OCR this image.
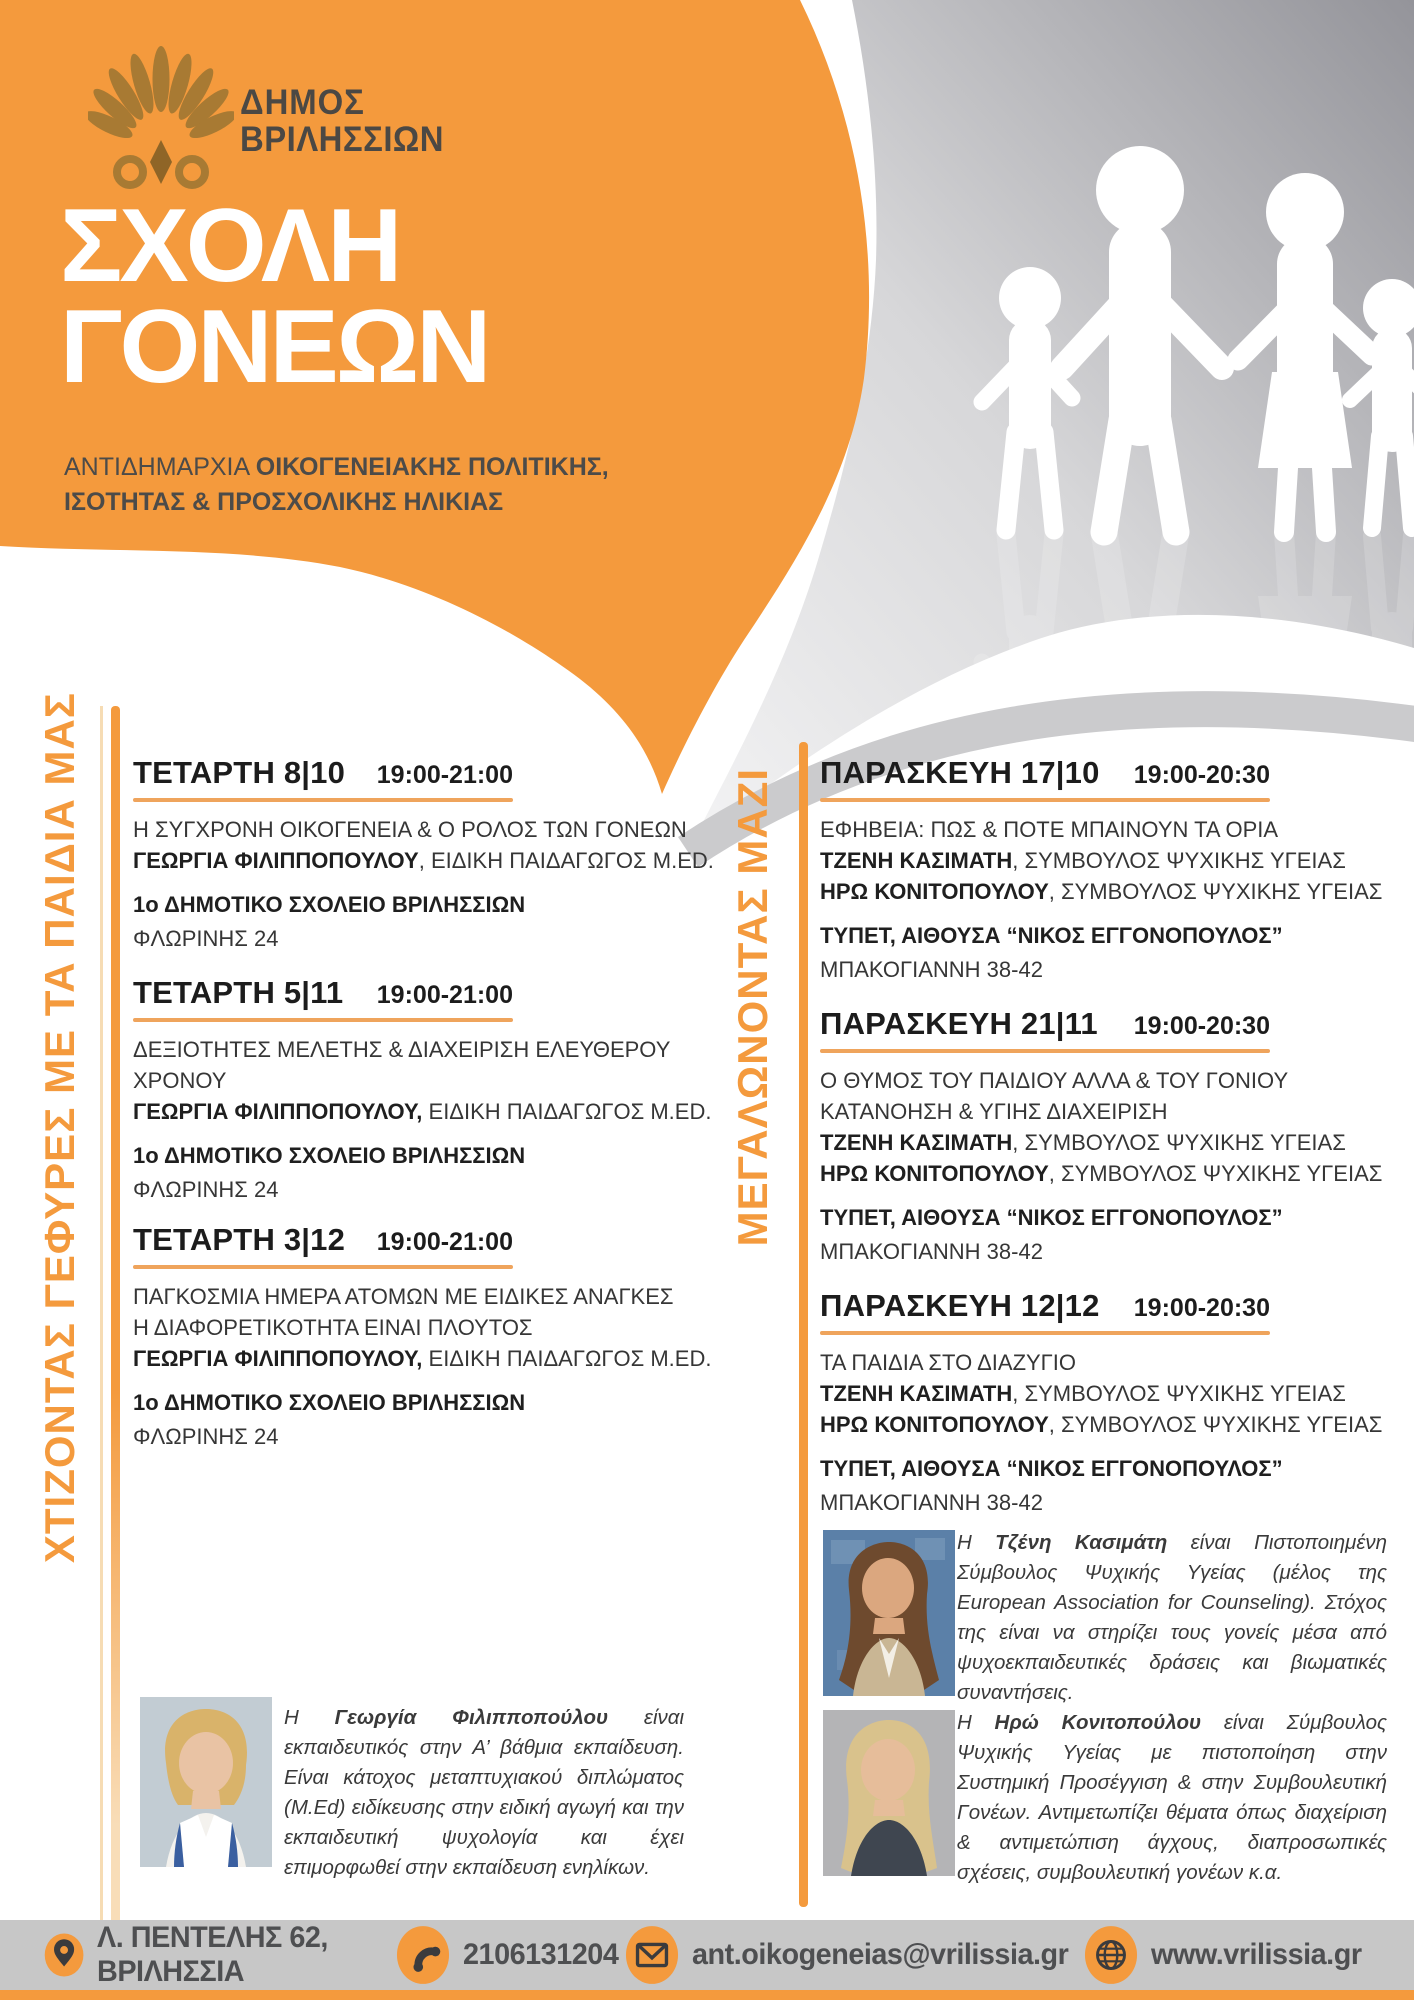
ΔΗΜΟΣ
ΒΡΙΛΗΣΣΙΩΝ
ΣΧΟΛΗ
ΓΟΝΕΩΝ
ΑΝΤΙΔΗΜΑΡΧΙΑ ΟΙΚΟΓΕΝΕΙΑΚΗΣ ΠΟΛΙΤΙΚΗΣ,
ΙΣΟΤΗΤΑΣ & ΠΡΟΣΧΟΛΙΚΗΣ ΗΛΙΚΙΑΣ
ΧΤΙΖΟΝΤΑΣ ΓΕΦΥΡΕΣ ΜΕ ΤΑ ΠΑΙΔΙΑ ΜΑΣ	ΜΕΓΑΛΩΝΟΝΤΑΣ ΜΑΖΙ
ΤΕΤΑΡΤΗ 8|10 19:00-21:00
Η ΣΥΓΧΡΟΝΗ ΟΙΚΟΓΕΝΕΙΑ & Ο ΡΟΛΟΣ ΤΩΝ ΓΟΝΕΩΝ
ΓΕΩΡΓΙΑ ΦΙΛΙΠΠΟΠΟΥΛΟΥ, ΕΙΔΙΚΗ ΠΑΙΔΑΓΩΓΟΣ M.ED.
1ο ΔΗΜΟΤΙΚΟ ΣΧΟΛΕΙΟ ΒΡΙΛΗΣΣΙΩΝ
ΦΛΩΡΙΝΗΣ 24
ΤΕΤΑΡΤΗ 5|11 19:00-21:00
ΔΕΞΙΟΤΗΤΕΣ ΜΕΛΕΤΗΣ & ΔΙΑΧΕΙΡΙΣΗ ΕΛΕΥΘΕΡΟΥ
ΧΡΟΝΟΥ
ΓΕΩΡΓΙΑ ΦΙΛΙΠΠΟΠΟΥΛΟΥ, ΕΙΔΙΚΗ ΠΑΙΔΑΓΩΓΟΣ M.ED.
1ο ΔΗΜΟΤΙΚΟ ΣΧΟΛΕΙΟ ΒΡΙΛΗΣΣΙΩΝ
ΦΛΩΡΙΝΗΣ 24
ΤΕΤΑΡΤΗ 3|12 19:00-21:00
ΠΑΓΚΟΣΜΙΑ ΗΜΕΡΑ ΑΤΟΜΩΝ ΜΕ ΕΙΔΙΚΕΣ ΑΝΑΓΚΕΣ
Η ΔΙΑΦΟΡΕΤΙΚΟΤΗΤΑ ΕΙΝΑΙ ΠΛΟΥΤΟΣ
ΓΕΩΡΓΙΑ ΦΙΛΙΠΠΟΠΟΥΛΟΥ, ΕΙΔΙΚΗ ΠΑΙΔΑΓΩΓΟΣ M.ED.
1ο ΔΗΜΟΤΙΚΟ ΣΧΟΛΕΙΟ ΒΡΙΛΗΣΣΙΩΝ
ΦΛΩΡΙΝΗΣ 24
ΠΑΡΑΣΚΕΥΗ 17|10 19:00-20:30
ΕΦΗΒΕΙΑ: ΠΩΣ & ΠΟΤΕ ΜΠΑΙΝΟΥΝ ΤΑ ΟΡΙΑ
ΤΖΕΝΗ ΚΑΣΙΜΑΤΗ, ΣΥΜΒΟΥΛΟΣ ΨΥΧΙΚΗΣ ΥΓΕΙΑΣ
ΗΡΩ ΚΟΝΙΤΟΠΟΥΛΟΥ, ΣΥΜΒΟΥΛΟΣ ΨΥΧΙΚΗΣ ΥΓΕΙΑΣ
ΤΥΠΕΤ, ΑΙΘΟΥΣΑ “ΝΙΚΟΣ ΕΓΓΟΝΟΠΟΥΛΟΣ”
ΜΠΑΚΟΓΙΑΝΝΗ 38-42
ΠΑΡΑΣΚΕΥΗ 21|11 19:00-20:30
Ο ΘΥΜΟΣ ΤΟΥ ΠΑΙΔΙΟΥ ΑΛΛΑ & ΤΟΥ ΓΟΝΙΟΥ
ΚΑΤΑΝΟΗΣΗ & ΥΓΙΗΣ ΔΙΑΧΕΙΡΙΣΗ
ΤΖΕΝΗ ΚΑΣΙΜΑΤΗ, ΣΥΜΒΟΥΛΟΣ ΨΥΧΙΚΗΣ ΥΓΕΙΑΣ
ΗΡΩ ΚΟΝΙΤΟΠΟΥΛΟΥ, ΣΥΜΒΟΥΛΟΣ ΨΥΧΙΚΗΣ ΥΓΕΙΑΣ
ΤΥΠΕΤ, ΑΙΘΟΥΣΑ “ΝΙΚΟΣ ΕΓΓΟΝΟΠΟΥΛΟΣ”
ΜΠΑΚΟΓΙΑΝΝΗ 38-42
ΠΑΡΑΣΚΕΥΗ 12|12 19:00-20:30
ΤΑ ΠΑΙΔΙΑ ΣΤΟ ΔΙΑΖΥΓΙΟ
ΤΖΕΝΗ ΚΑΣΙΜΑΤΗ, ΣΥΜΒΟΥΛΟΣ ΨΥΧΙΚΗΣ ΥΓΕΙΑΣ
ΗΡΩ ΚΟΝΙΤΟΠΟΥΛΟΥ, ΣΥΜΒΟΥΛΟΣ ΨΥΧΙΚΗΣ ΥΓΕΙΑΣ
ΤΥΠΕΤ, ΑΙΘΟΥΣΑ “ΝΙΚΟΣ ΕΓΓΟΝΟΠΟΥΛΟΣ”
ΜΠΑΚΟΓΙΑΝΝΗ 38-42
Η Τζένη Κασιμάτη είναι Πιστοποιημένη Σύμβουλος Ψυχικής Υγείας (μέλος της European Association for Counseling). Στόχος της είναι να στηρίζει τους γονείς μέσα από ψυχοεκπαιδευτικές δράσεις και βιωματικές συναντήσεις.
Η Ηρώ Κονιτοπούλου είναι Σύμβουλος Ψυχικής Υγείας με πιστοποίηση στην Συστημική Προσέγγιση & στην Συμβουλευτική Γονέων. Αντιμετωπίζει θέματα όπως διαχείριση & αντιμετώπιση άγχους, διαπροσωπικές σχέσεις, συμβουλευτική γονέων κ.α.
Η Γεωργία Φιλιπποπούλου είναι εκπαιδευτικός στην Α’ βάθμια εκπαίδευση. Είναι κάτοχος μεταπτυχιακού διπλώματος (M.Ed) ειδίκευσης στην ειδική αγωγή και την εκπαιδευτική ψυχολογία και έχει επιμορφωθεί στην εκπαίδευση ενηλίκων.
Λ. ΠΕΝΤΕΛΗΣ 62, ΒΡΙΛΗΣΣΙΑ
2106131204 ant.oikogeneias@vrilissia.gr	www.vrilissia.gr
